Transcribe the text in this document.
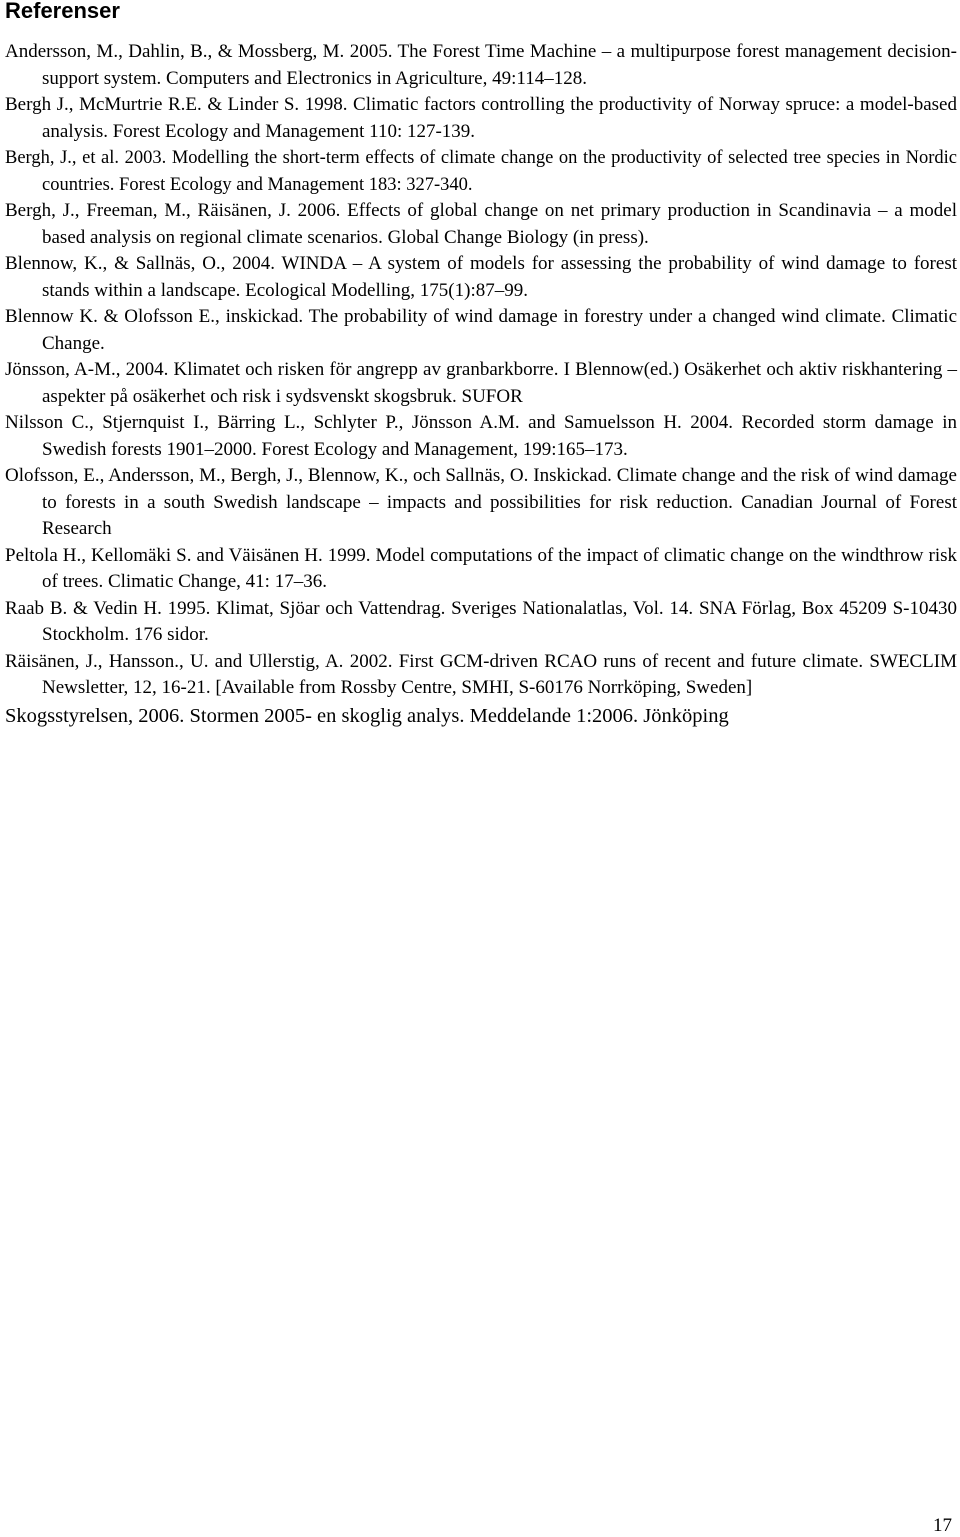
Referenser
Andersson, M., Dahlin, B., & Mossberg, M. 2005. The Forest Time Machine – a multipurpose forest management decision-support system. Computers and Electronics in Agriculture, 49:114–128.
Bergh J., McMurtrie R.E. & Linder S. 1998. Climatic factors controlling the productivity of Norway spruce: a model-based analysis. Forest Ecology and Management 110: 127-139.
Bergh, J., et al. 2003. Modelling the short-term effects of climate change on the productivity of selected tree species in Nordic countries. Forest Ecology and Management 183: 327-340.
Bergh, J., Freeman, M., Räisänen, J. 2006. Effects of global change on net primary production in Scandinavia – a model based analysis on regional climate scenarios. Global Change Biology (in press).
Blennow, K., & Sallnäs, O., 2004. WINDA – A system of models for assessing the probability of wind damage to forest stands within a landscape. Ecological Modelling, 175(1):87–99.
Blennow K. & Olofsson E., inskickad. The probability of wind damage in forestry under a changed wind climate. Climatic Change.
Jönsson, A-M., 2004. Klimatet och risken för angrepp av granbarkborre. I Blennow(ed.) Osäkerhet och aktiv riskhantering – aspekter på osäkerhet och risk i sydsvenskt skogsbruk. SUFOR
Nilsson C., Stjernquist I., Bärring L., Schlyter P., Jönsson A.M. and Samuelsson H. 2004. Recorded storm damage in Swedish forests 1901–2000. Forest Ecology and Management, 199:165–173.
Olofsson, E., Andersson, M., Bergh, J., Blennow, K., och Sallnäs, O. Inskickad. Climate change and the risk of wind damage to forests in a south Swedish landscape – impacts and possibilities for risk reduction. Canadian Journal of Forest Research
Peltola H., Kellomäki S. and Väisänen H. 1999. Model computations of the impact of climatic change on the windthrow risk of trees. Climatic Change, 41: 17–36.
Raab B. & Vedin H. 1995. Klimat, Sjöar och Vattendrag. Sveriges Nationalatlas, Vol. 14. SNA Förlag, Box 45209 S-10430 Stockholm. 176 sidor.
Räisänen, J., Hansson., U. and Ullerstig, A. 2002. First GCM-driven RCAO runs of recent and future climate. SWECLIM Newsletter, 12, 16-21. [Available from Rossby Centre, SMHI, S-60176 Norrköping, Sweden]
Skogsstyrelsen, 2006. Stormen 2005- en skoglig analys. Meddelande 1:2006. Jönköping
17
